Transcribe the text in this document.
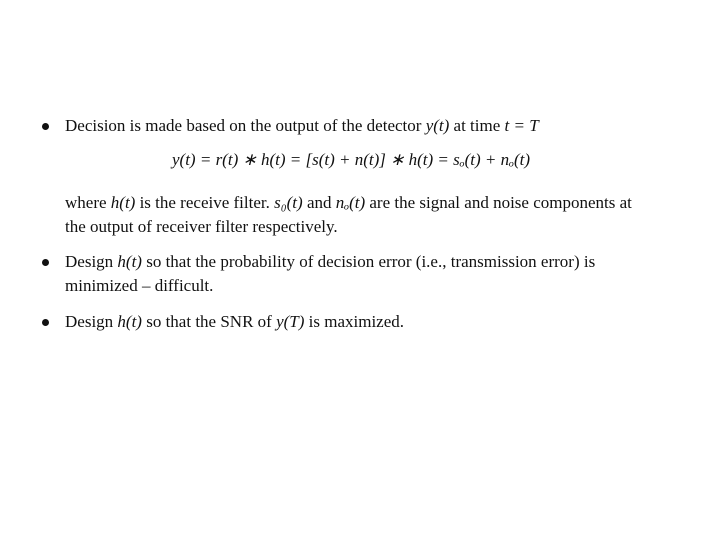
Decision is made based on the output of the detector y(t) at time t = T
y(t) = r(t) ∗ h(t) = [s(t) + n(t)] ∗ h(t) = sₒ(t) + nₒ(t)
where h(t) is the receive filter. s₀(t) and nₒ(t) are the signal and noise components at
the output of receiver filter respectively.
Design h(t) so that the probability of decision error (i.e., transmission error) is
minimized – difficult.
Design h(t) so that the SNR of y(T) is maximized.
